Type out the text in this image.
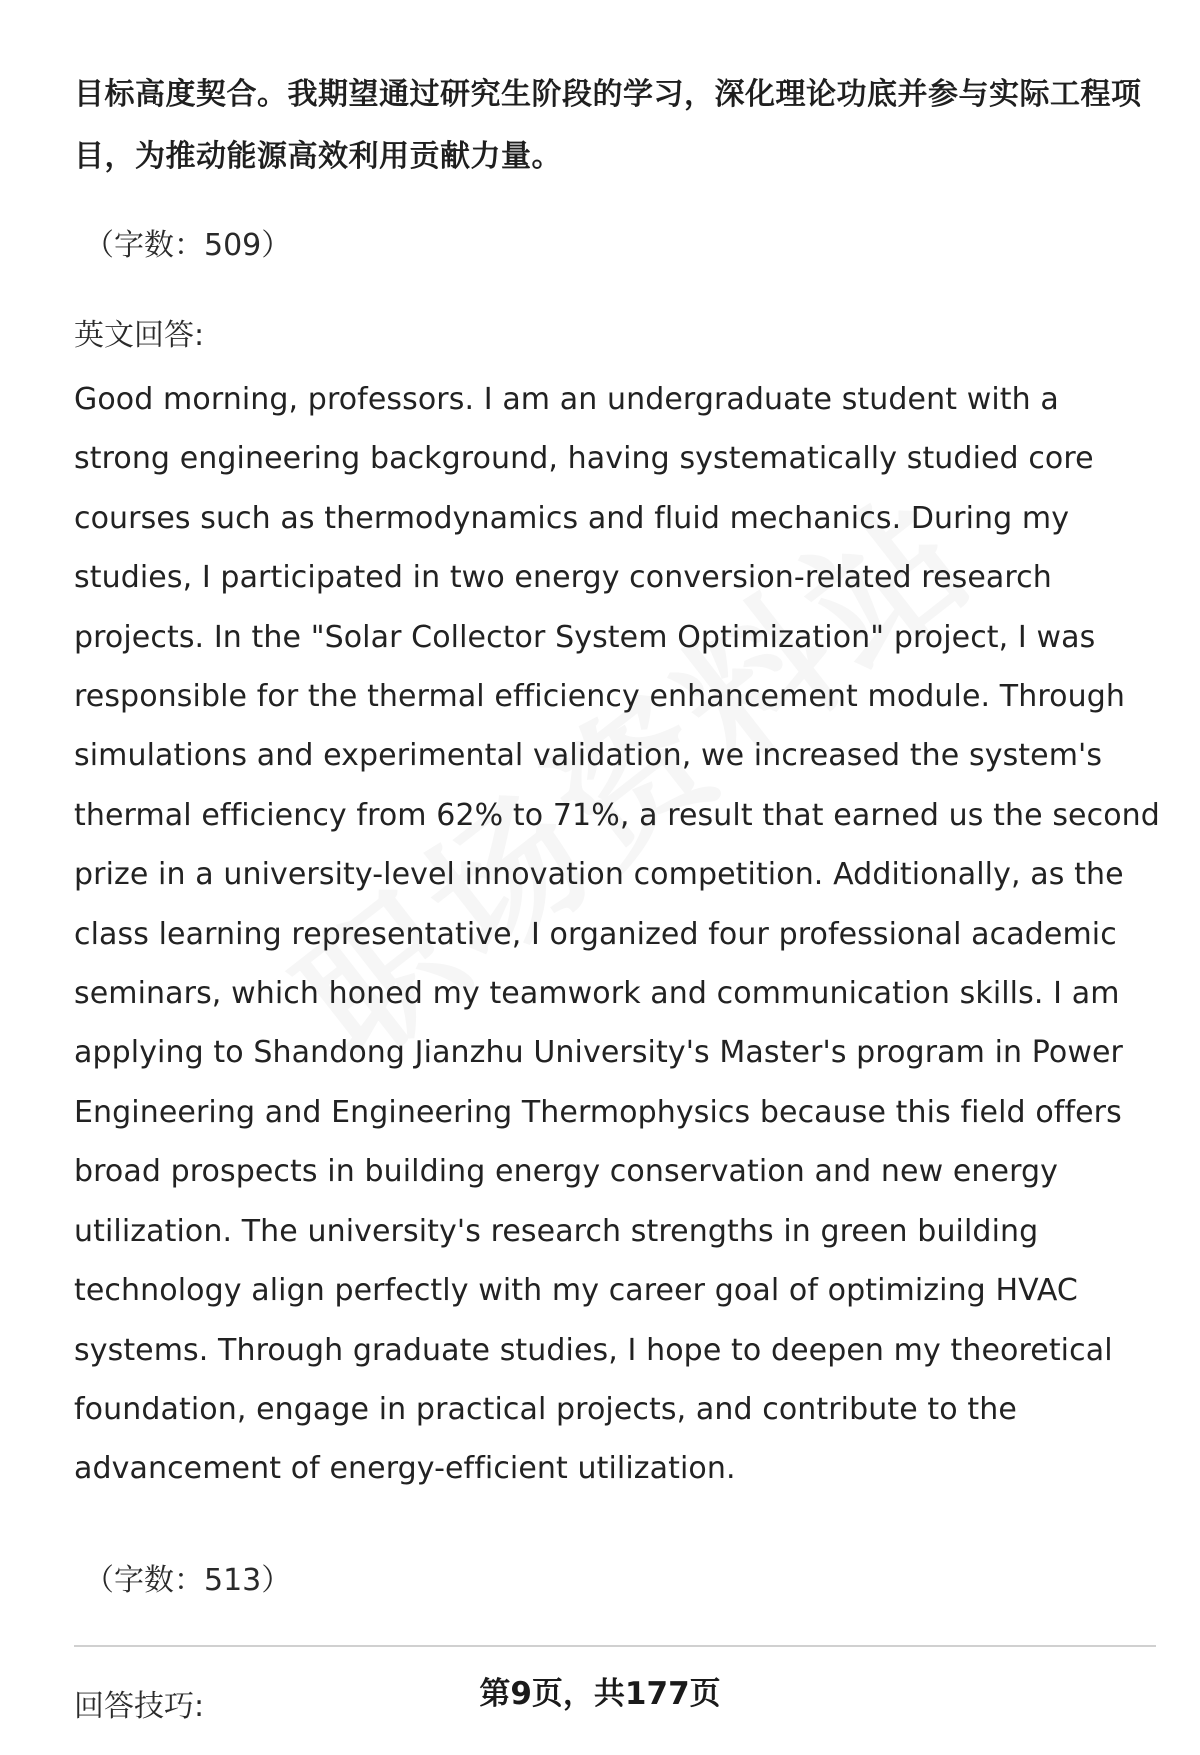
目标高度契合。我期望通过研究生阶段的学习，深化理论功底并参与实际工程项目，为推动能源高效利用贡献力量。

（字数：509）
英文回答:

Good morning, professors. I am an undergraduate student with a strong engineering background, having systematically studied core courses such as thermodynamics and fluid mechanics. During my studies, I participated in two energy conversion-related research projects. In the "Solar Collector System Optimization" project, I was responsible for the thermal efficiency enhancement module. Through simulations and experimental validation, we increased the system's thermal efficiency from 62% to 71%, a result that earned us the second prize in a university-level innovation competition. Additionally, as the class learning representative, I organized four professional academic seminars, which honed my teamwork and communication skills. I am applying to Shandong Jianzhu University's Master's program in Power Engineering and Engineering Thermophysics because this field offers broad prospects in building energy conservation and new energy utilization. The university's research strengths in green building technology align perfectly with my career goal of optimizing HVAC systems. Through graduate studies, I hope to deepen my theoretical foundation, engage in practical projects, and contribute to the advancement of energy-efficient utilization.

（字数：513）
回答技巧:	第9页，共177页
